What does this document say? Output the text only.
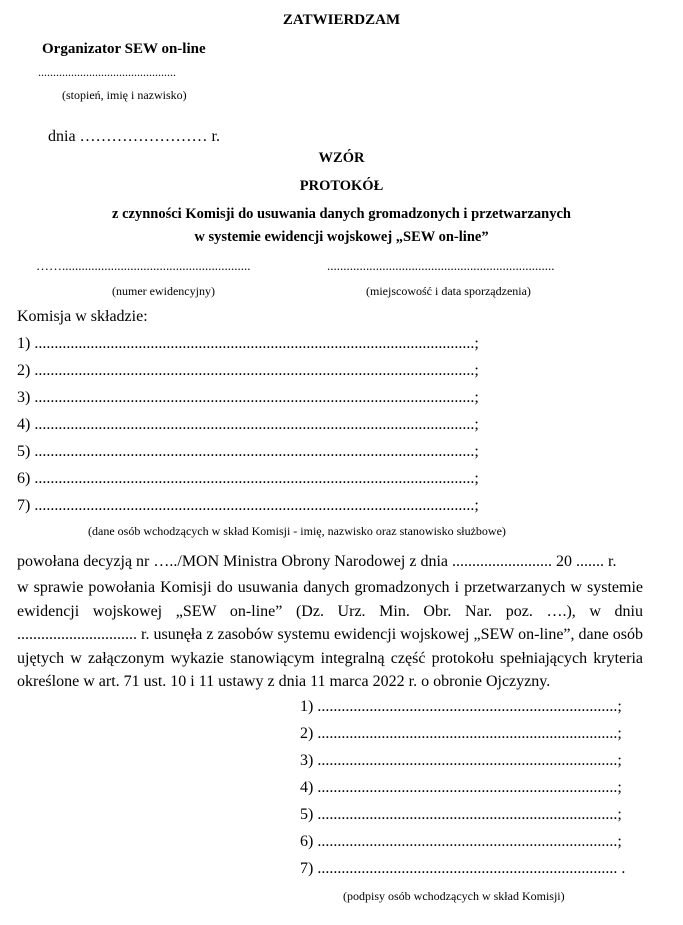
ZATWIERDZAM
Organizator SEW on-line
..............................................
(stopień, imię i nazwisko)
dnia …………………… r.
WZÓR
PROTOKÓŁ
z czynności Komisji do usuwania danych gromadzonych i przetwarzanych
w systemie ewidencji wojskowej „SEW on-line”
……..........................................................
(numer ewidencyjny)
......................................................................
(miejscowość i data sporządzenia)
Komisja w składzie:
1) ..............................................................................................................;
2) ..............................................................................................................;
3) ..............................................................................................................;
4) ..............................................................................................................;
5) ..............................................................................................................;
6) ..............................................................................................................;
7) ..............................................................................................................;
(dane osób wchodzących w skład Komisji - imię, nazwisko oraz stanowisko służbowe)
powołana decyzją nr …../MON Ministra Obrony Narodowej z dnia ......................... 20 ....... r.
w sprawie powołania Komisji do usuwania danych gromadzonych i przetwarzanych w systemie ewidencji wojskowej „SEW on-line” (Dz. Urz. Min. Obr. Nar. poz. ….), w dniu .............................. r. usunęła z zasobów systemu ewidencji wojskowej „SEW on-line”, dane osób ujętych w załączonym wykazie stanowiącym integralną część protokołu spełniających kryteria określone w art. 71 ust. 10 i 11 ustawy z dnia 11 marca 2022 r. o obronie Ojczyzny.
1) ...........................................................................;
2) ...........................................................................;
3) ...........................................................................;
4) ...........................................................................;
5) ...........................................................................;
6) ...........................................................................;
7) ........................................................................... .
(podpisy osób wchodzących w skład Komisji)
